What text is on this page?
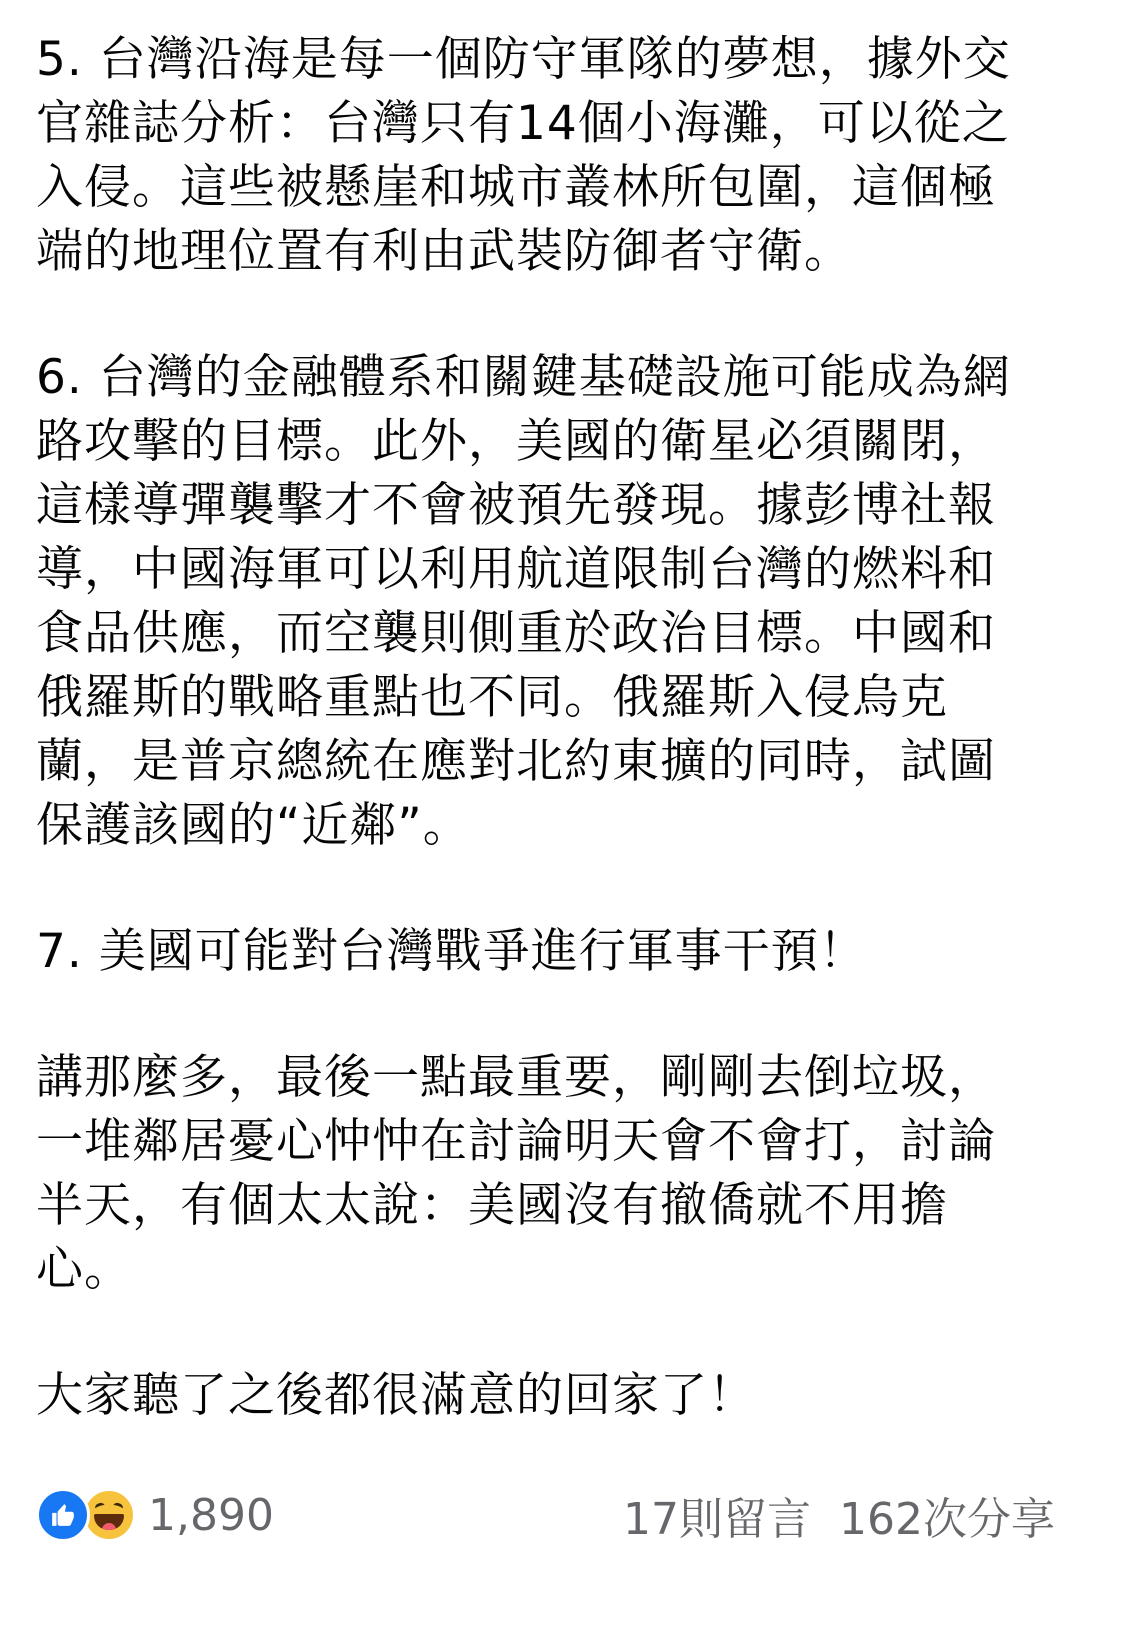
5. 台灣沿海是每一個防守軍隊的夢想，據外交官雜誌分析：台灣只有14個小海灘，可以從之入侵。這些被懸崖和城市叢林所包圍，這個極端的地理位置有利由武裝防御者守衛。

6. 台灣的金融體系和關鍵基礎設施可能成為網路攻擊的目標。此外，美國的衛星必須關閉，這樣導彈襲擊才不會被預先發現。據彭博社報導，中國海軍可以利用航道限制台灣的燃料和食品供應，而空襲則側重於政治目標。中國和俄羅斯的戰略重點也不同。俄羅斯入侵烏克蘭，是普京總統在應對北約東擴的同時，試圖保護該國的“近鄰”。

7. 美國可能對台灣戰爭進行軍事干預！

講那麼多，最後一點最重要，剛剛去倒垃圾，一堆鄰居憂心忡忡在討論明天會不會打，討論半天，有個太太說：美國沒有撤僑就不用擔心。

大家聽了之後都很滿意的回家了！

1,890	17則留言 162次分享
